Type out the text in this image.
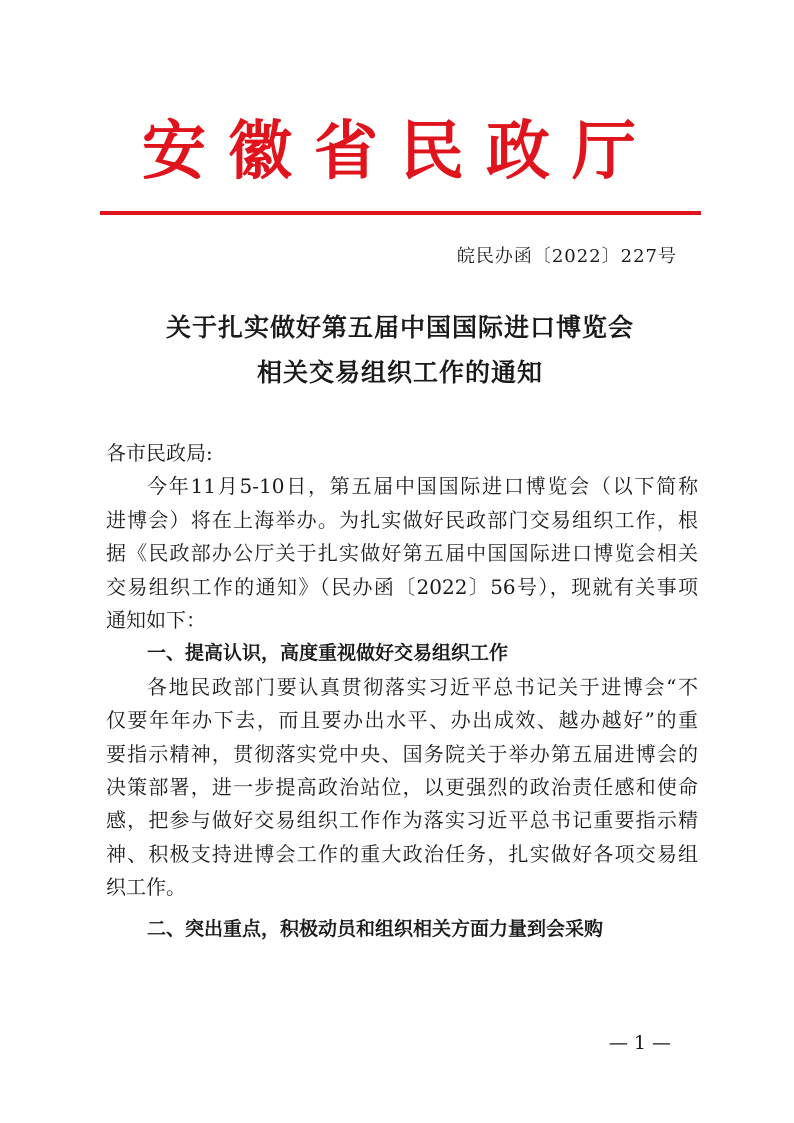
安徽省民政厅
皖民办函〔2022〕227号
关于扎实做好第五届中国国际进口博览会
相关交易组织工作的通知
各市民政局:
今年11月5-10日，第五届中国国际进口博览会（以下简称
进博会）将在上海举办。为扎实做好民政部门交易组织工作，根
据《民政部办公厅关于扎实做好第五届中国国际进口博览会相关
交易组织工作的通知》（民办函〔2022〕56号），现就有关事项
通知如下：
一、提高认识，高度重视做好交易组织工作
各地民政部门要认真贯彻落实习近平总书记关于进博会“不
仅要年年办下去，而且要办出水平、办出成效、越办越好”的重
要指示精神，贯彻落实党中央、国务院关于举办第五届进博会的
决策部署，进一步提高政治站位，以更强烈的政治责任感和使命
感，把参与做好交易组织工作作为落实习近平总书记重要指示精
神、积极支持进博会工作的重大政治任务，扎实做好各项交易组
织工作。
二、突出重点，积极动员和组织相关方面力量到会采购
— 1 —
